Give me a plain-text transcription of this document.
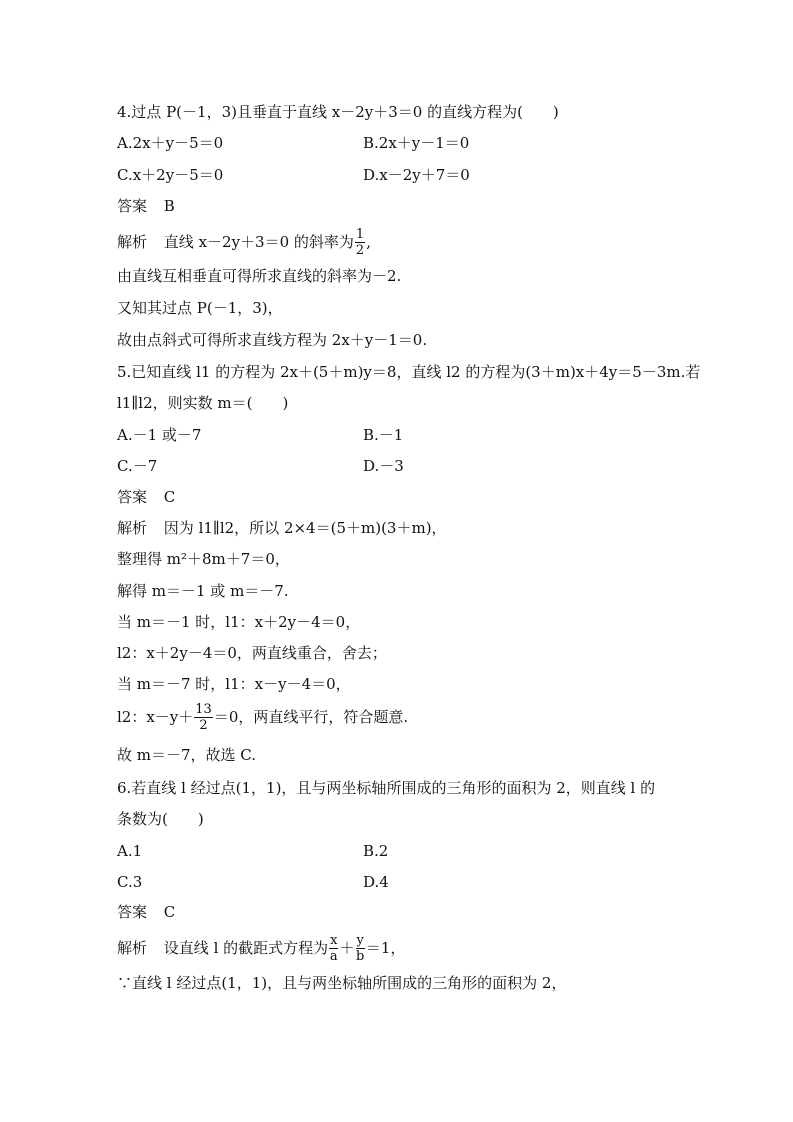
4.过点 P(－1，3)且垂直于直线 x－2y＋3＝0 的直线方程为(　　)
A.2x＋y－5＝0	B.2x＋y－1＝0
C.x＋2y－5＝0	D.x－2y＋7＝0
答案 B
解析 直线 x－2y＋3＝0 的斜率为 $\frac{1}{2}$ ,
由直线互相垂直可得所求直线的斜率为－2.
又知其过点 P(－1，3)，
故由点斜式可得所求直线方程为 2x＋y－1＝0.
5.已知直线 l1 的方程为 2x＋(5＋m)y＝8，直线 l2 的方程为(3＋m)x＋4y＝5－3m.若
l1∥l2，则实数 m＝(　　)
A.－1 或－7	B.－1
C.－7	D.－3
答案 C
解析 因为 l1∥l2，所以 2×4＝(5＋m)(3＋m)，
整理得 m²＋8m＋7＝0，
解得 m＝－1 或 m＝－7.
当 m＝－1 时，l1：x＋2y－4＝0，
l2：x＋2y－4＝0，两直线重合，舍去；
当 m＝－7 时，l1：x－y－4＝0，
l2：$x-y+ \frac{13}{2} =0$，两直线平行，符合题意.
故 m＝－7，故选 C.
6.若直线 l 经过点(1，1)，且与两坐标轴所围成的三角形的面积为 2，则直线 l 的
条数为(　　)
A.1	B.2
C.3	D.4
答案 C
解析 设直线 l 的截距式方程为 $\frac{x}{a} + \frac{y}{b} =1$，
∵直线 l 经过点(1，1)，且与两坐标轴所围成的三角形的面积为 2，
